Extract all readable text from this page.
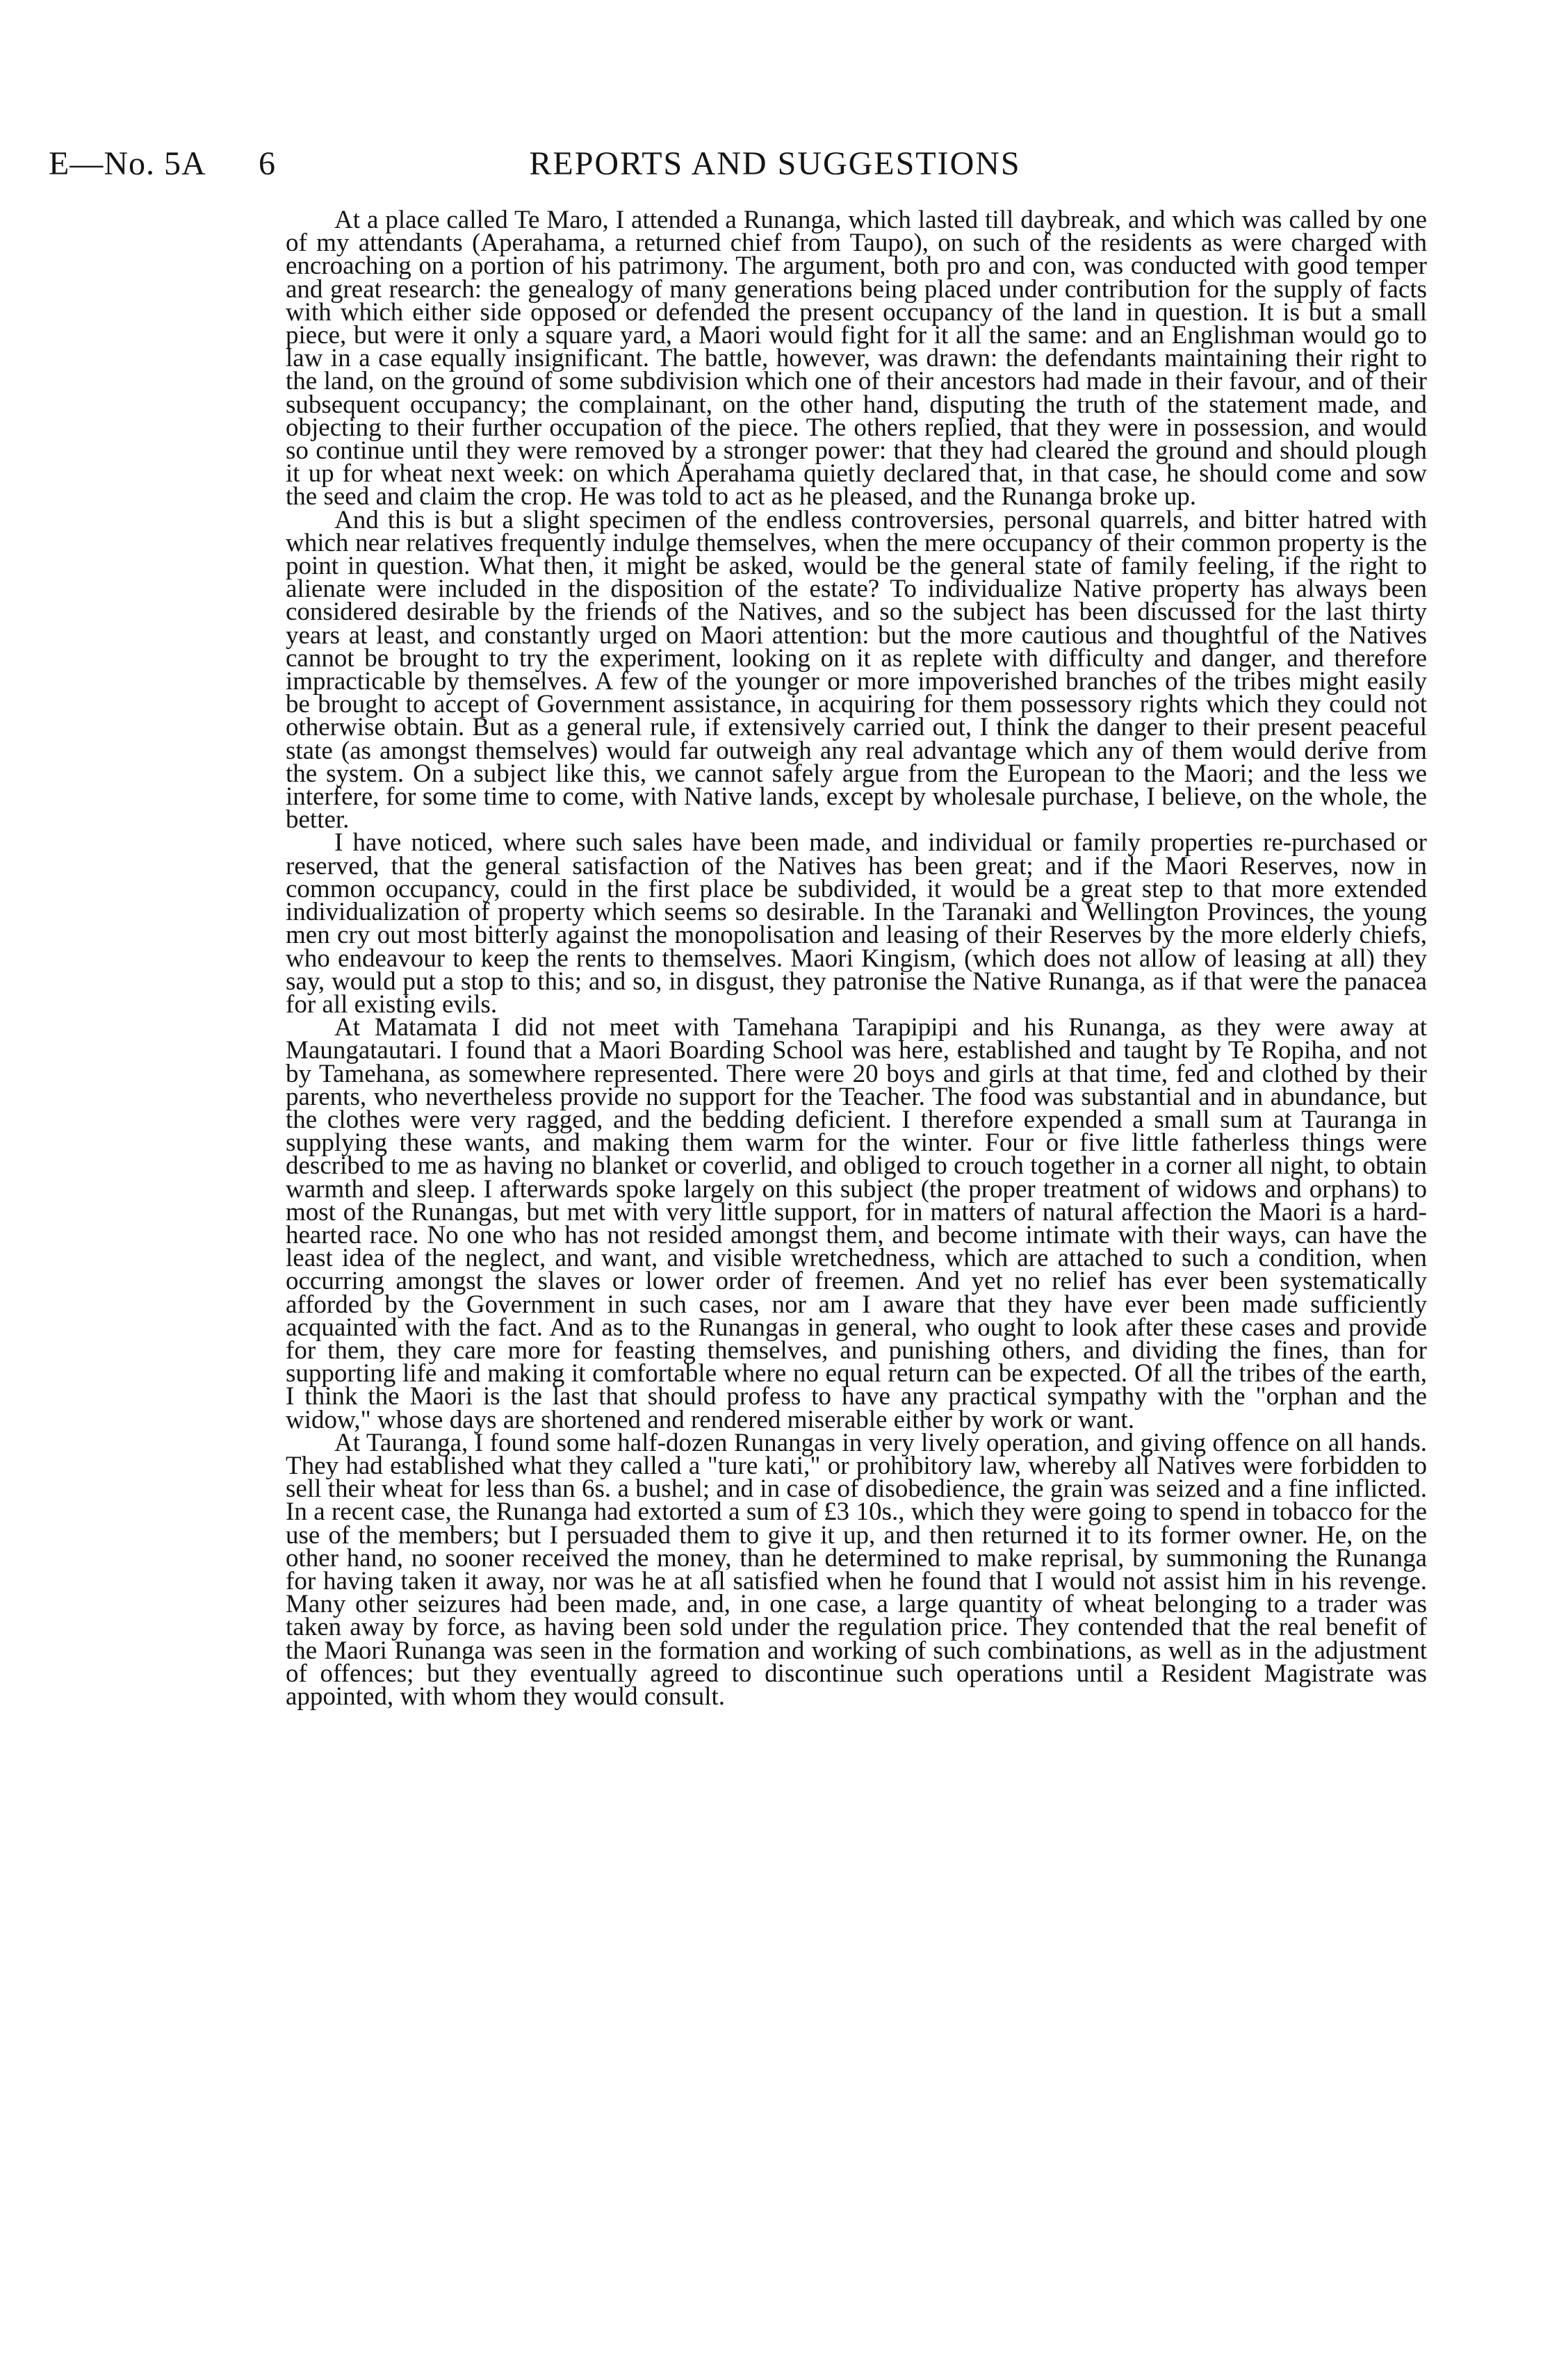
E—No. 5A 6	REPORTS AND SUGGESTIONS

At a place called Te Maro, I attended a Runanga, which lasted till daybreak, and which was called by one of my attendants (Aperahama, a returned chief from Taupo), on such of the residents as were charged with encroaching on a portion of his patrimony. The argument, both pro and con, was conducted with good temper and great research: the genealogy of many generations being placed under contribution for the supply of facts with which either side opposed or defended the present occupancy of the land in question. It is but a small piece, but were it only a square yard, a Maori would fight for it all the same: and an Englishman would go to law in a case equally insignificant. The battle, however, was drawn: the defendants maintaining their right to the land, on the ground of some subdivision which one of their ancestors had made in their favour, and of their subsequent occupancy; the complainant, on the other hand, disputing the truth of the statement made, and objecting to their further occupation of the piece. The others replied, that they were in possession, and would so continue until they were removed by a stronger power: that they had cleared the ground and should plough it up for wheat next week: on which Aperahama quietly declared that, in that case, he should come and sow the seed and claim the crop. He was told to act as he pleased, and the Runanga broke up.

And this is but a slight specimen of the endless controversies, personal quarrels, and bitter hatred with which near relatives frequently indulge themselves, when the mere occupancy of their common property is the point in question. What then, it might be asked, would be the general state of family feeling, if the right to alienate were included in the disposition of the estate? To individualize Native property has always been considered desirable by the friends of the Natives, and so the subject has been discussed for the last thirty years at least, and constantly urged on Maori attention: but the more cautious and thoughtful of the Natives cannot be brought to try the experiment, looking on it as replete with difficulty and danger, and therefore impracticable by themselves. A few of the younger or more impoverished branches of the tribes might easily be brought to accept of Government assistance, in acquiring for them possessory rights which they could not otherwise obtain. But as a general rule, if extensively carried out, I think the danger to their present peaceful state (as amongst themselves) would far outweigh any real advantage which any of them would derive from the system. On a subject like this, we cannot safely argue from the European to the Maori; and the less we interfere, for some time to come, with Native lands, except by wholesale purchase, I believe, on the whole, the better.

I have noticed, where such sales have been made, and individual or family properties re-purchased or reserved, that the general satisfaction of the Natives has been great; and if the Maori Reserves, now in common occupancy, could in the first place be subdivided, it would be a great step to that more extended individualization of property which seems so desirable. In the Taranaki and Wellington Provinces, the young men cry out most bitterly against the monopolisation and leasing of their Reserves by the more elderly chiefs, who endeavour to keep the rents to themselves. Maori Kingism, (which does not allow of leasing at all) they say, would put a stop to this; and so, in disgust, they patronise the Native Runanga, as if that were the panacea for all existing evils.

At Matamata I did not meet with Tamehana Tarapipipi and his Runanga, as they were away at Maungatautari. I found that a Maori Boarding School was here, established and taught by Te Ropiha, and not by Tamehana, as somewhere represented. There were 20 boys and girls at that time, fed and clothed by their parents, who nevertheless provide no support for the Teacher. The food was substantial and in abundance, but the clothes were very ragged, and the bedding deficient. I therefore expended a small sum at Tauranga in supplying these wants, and making them warm for the winter. Four or five little fatherless things were described to me as having no blanket or coverlid, and obliged to crouch together in a corner all night, to obtain warmth and sleep. I afterwards spoke largely on this subject (the proper treatment of widows and orphans) to most of the Runangas, but met with very little support, for in matters of natural affection the Maori is a hard-hearted race. No one who has not resided amongst them, and become intimate with their ways, can have the least idea of the neglect, and want, and visible wretchedness, which are attached to such a condition, when occurring amongst the slaves or lower order of freemen. And yet no relief has ever been systematically afforded by the Government in such cases, nor am I aware that they have ever been made sufficiently acquainted with the fact. And as to the Runangas in general, who ought to look after these cases and provide for them, they care more for feasting themselves, and punishing others, and dividing the fines, than for supporting life and making it comfortable where no equal return can be expected. Of all the tribes of the earth, I think the Maori is the last that should profess to have any practical sympathy with the "orphan and the widow," whose days are shortened and rendered miserable either by work or want.

At Tauranga, I found some half-dozen Runangas in very lively operation, and giving offence on all hands. They had established what they called a "ture kati," or prohibitory law, whereby all Natives were forbidden to sell their wheat for less than 6s. a bushel; and in case of disobedience, the grain was seized and a fine inflicted. In a recent case, the Runanga had extorted a sum of £3 10s., which they were going to spend in tobacco for the use of the members; but I persuaded them to give it up, and then returned it to its former owner. He, on the other hand, no sooner received the money, than he determined to make reprisal, by summoning the Runanga for having taken it away, nor was he at all satisfied when he found that I would not assist him in his revenge. Many other seizures had been made, and, in one case, a large quantity of wheat belonging to a trader was taken away by force, as having been sold under the regulation price. They contended that the real benefit of the Maori Runanga was seen in the formation and working of such combinations, as well as in the adjustment of offences; but they eventually agreed to discontinue such operations until a Resident Magistrate was appointed, with whom they would consult.
